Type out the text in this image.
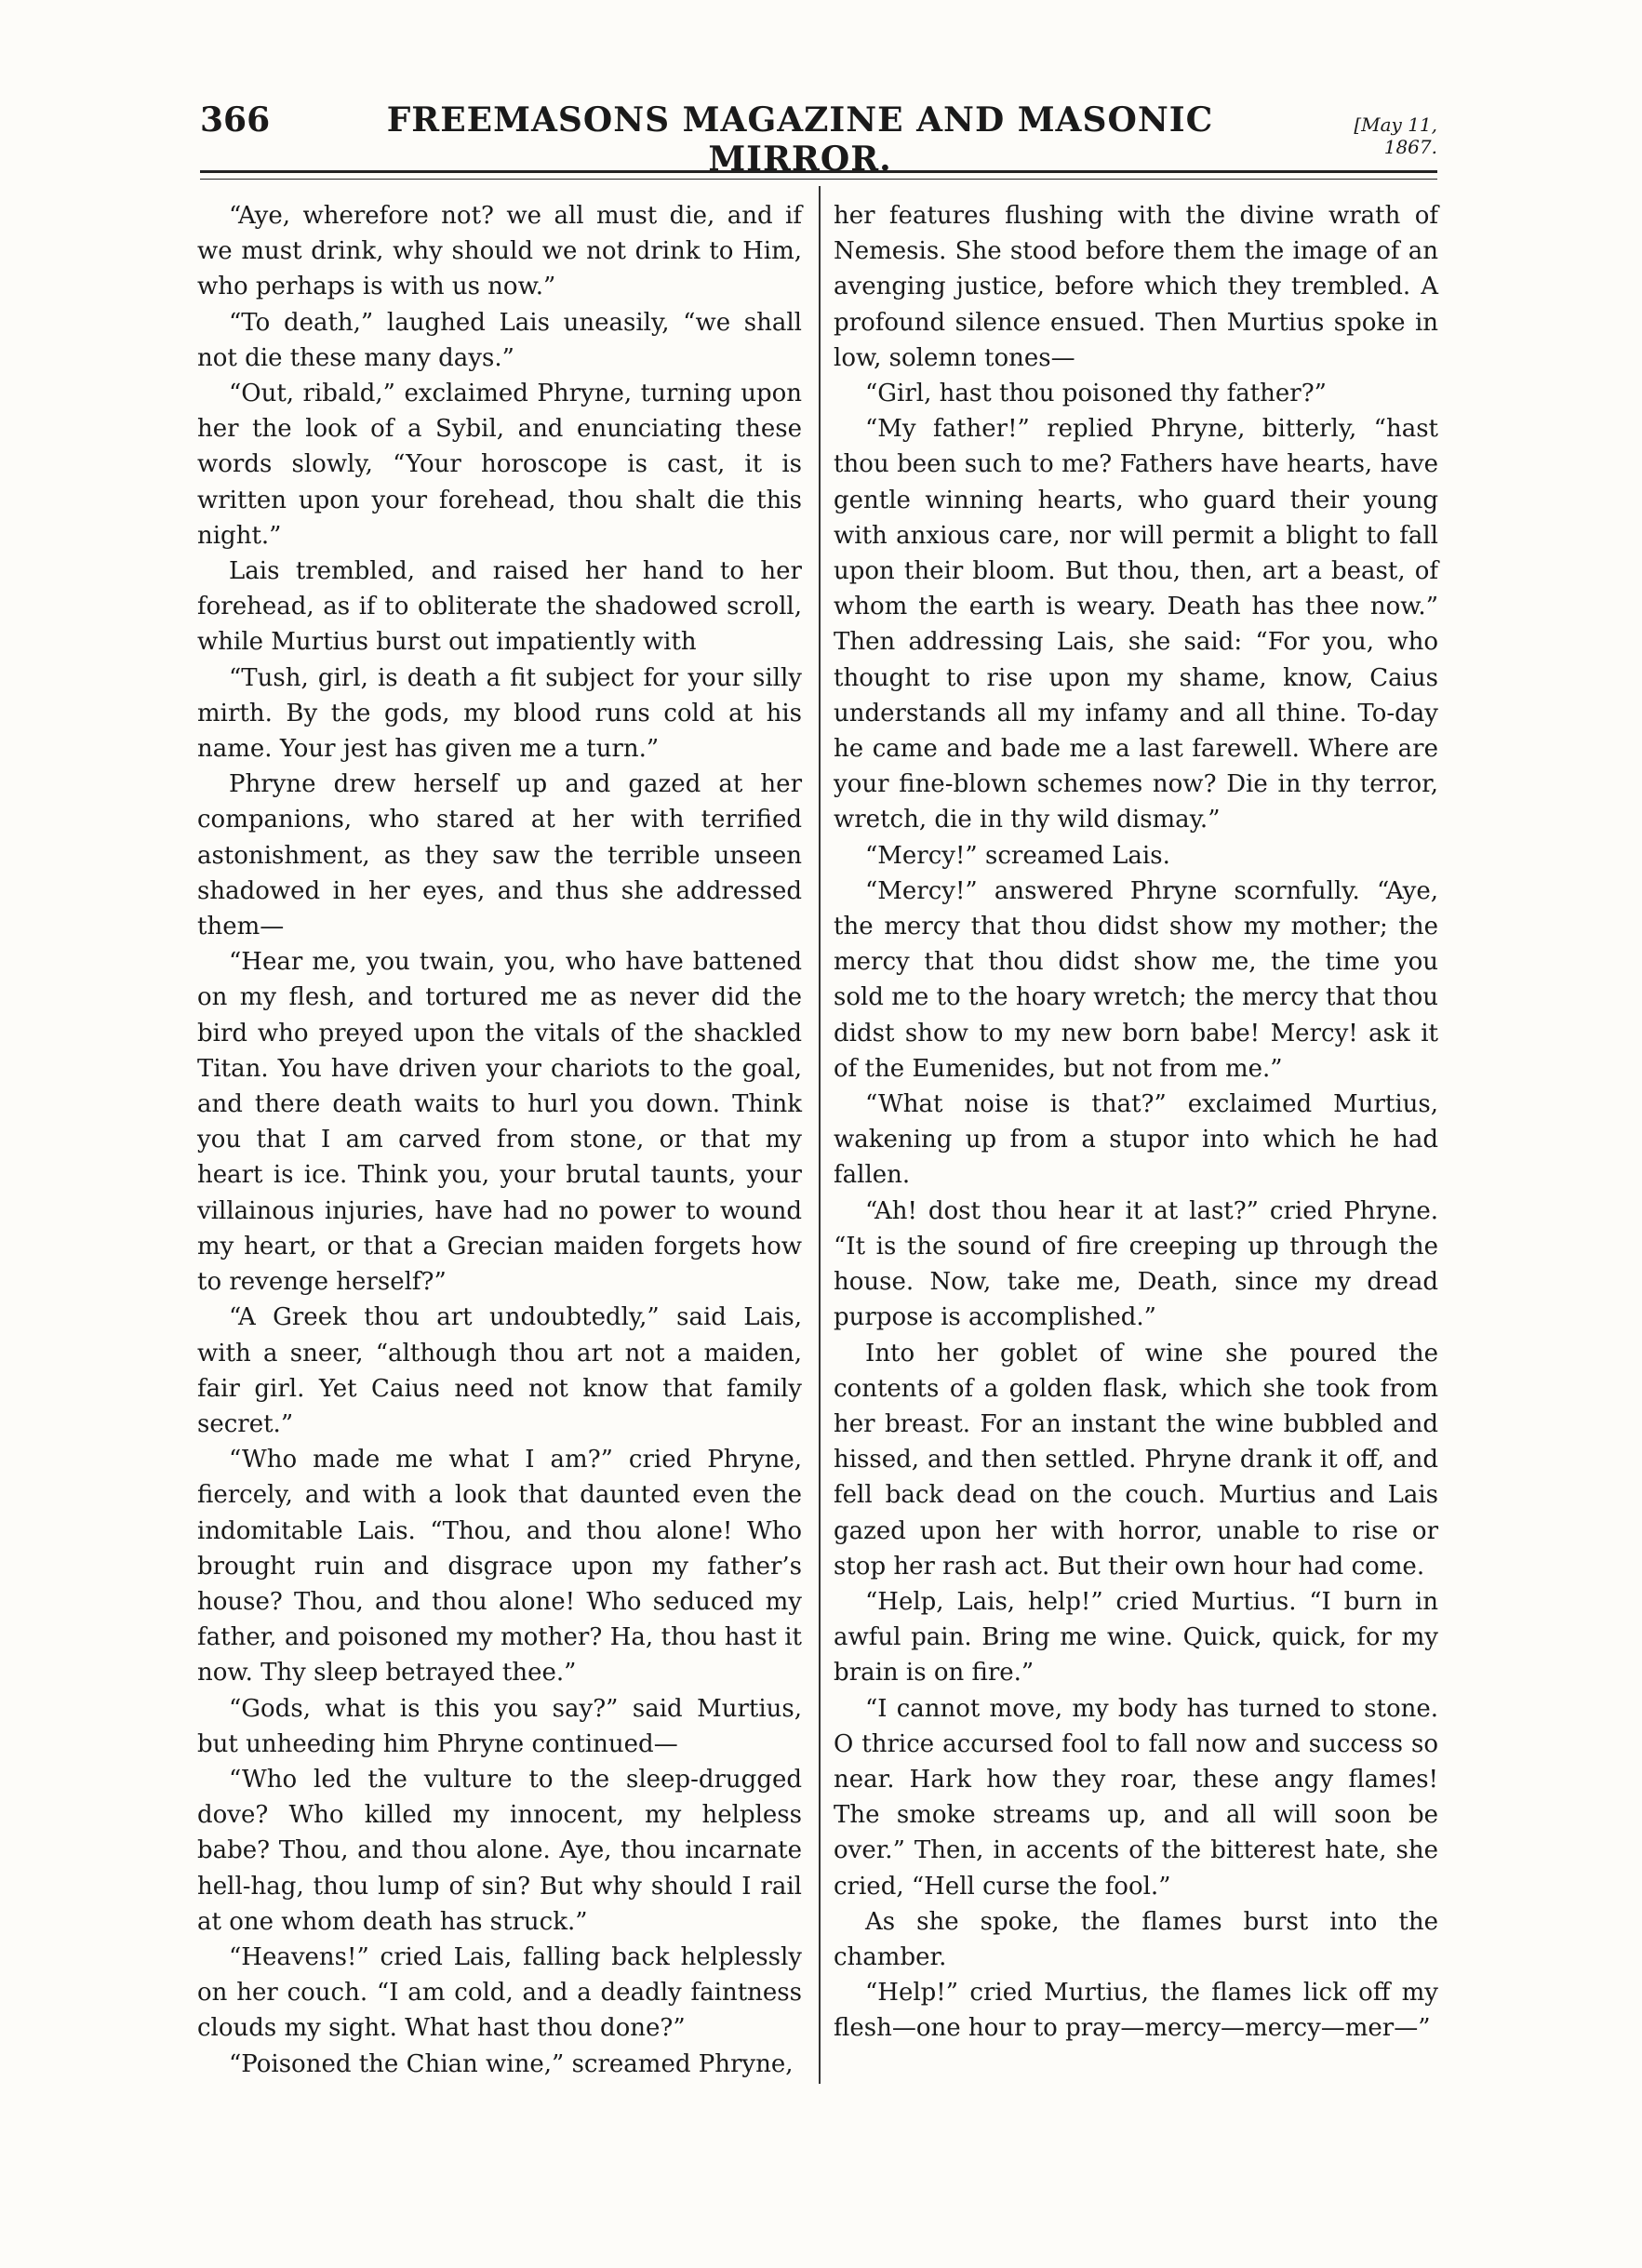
366	FREEMASONS MAGAZINE AND MASONIC MIRROR.
[May 11, 1867.

“Aye, wherefore not? we all must die, and if we must drink, why should we not drink to Him, who perhaps is with us now.”

“To death,” laughed Lais uneasily, “we shall not die these many days.”

“Out, ribald,” exclaimed Phryne, turning upon her the look of a Sybil, and enunciating these words slowly, “Your horoscope is cast, it is written upon your forehead, thou shalt die this night.”

Lais trembled, and raised her hand to her forehead, as if to obliterate the shadowed scroll, while Murtius burst out impatiently with

“Tush, girl, is death a fit subject for your silly mirth. By the gods, my blood runs cold at his name. Your jest has given me a turn.”

Phryne drew herself up and gazed at her companions, who stared at her with terrified astonishment, as they saw the terrible unseen shadowed in her eyes, and thus she addressed them—

“Hear me, you twain, you, who have battened on my flesh, and tortured me as never did the bird who preyed upon the vitals of the shackled Titan. You have driven your chariots to the goal, and there death waits to hurl you down. Think you that I am carved from stone, or that my heart is ice. Think you, your brutal taunts, your villainous injuries, have had no power to wound my heart, or that a Grecian maiden forgets how to revenge herself?”

“A Greek thou art undoubtedly,” said Lais, with a sneer, “although thou art not a maiden, fair girl. Yet Caius need not know that family secret.”

“Who made me what I am?” cried Phryne, fiercely, and with a look that daunted even the indomitable Lais. “Thou, and thou alone! Who brought ruin and disgrace upon my father’s house? Thou, and thou alone! Who seduced my father, and poisoned my mother? Ha, thou hast it now. Thy sleep betrayed thee.”

“Gods, what is this you say?” said Murtius, but unheeding him Phryne continued—

“Who led the vulture to the sleep-drugged dove? Who killed my innocent, my helpless babe? Thou, and thou alone. Aye, thou incarnate hell-hag, thou lump of sin? But why should I rail at one whom death has struck.”

“Heavens!” cried Lais, falling back helplessly on her couch. “I am cold, and a deadly faintness clouds my sight. What hast thou done?”

“Poisoned the Chian wine,” screamed Phryne,

her features flushing with the divine wrath of Nemesis. She stood before them the image of an avenging justice, before which they trembled. A profound silence ensued. Then Murtius spoke in low, solemn tones—

“Girl, hast thou poisoned thy father?”

“My father!” replied Phryne, bitterly, “hast thou been such to me? Fathers have hearts, have gentle winning hearts, who guard their young with anxious care, nor will permit a blight to fall upon their bloom. But thou, then, art a beast, of whom the earth is weary. Death has thee now.” Then addressing Lais, she said: “For you, who thought to rise upon my shame, know, Caius understands all my infamy and all thine. To-day he came and bade me a last farewell. Where are your fine-blown schemes now? Die in thy terror, wretch, die in thy wild dismay.”

“Mercy!” screamed Lais.

“Mercy!” answered Phryne scornfully. “Aye, the mercy that thou didst show my mother; the mercy that thou didst show me, the time you sold me to the hoary wretch; the mercy that thou didst show to my new born babe! Mercy! ask it of the Eumenides, but not from me.”

“What noise is that?” exclaimed Murtius, wakening up from a stupor into which he had fallen.

“Ah! dost thou hear it at last?” cried Phryne. “It is the sound of fire creeping up through the house. Now, take me, Death, since my dread purpose is accomplished.”

Into her goblet of wine she poured the contents of a golden flask, which she took from her breast. For an instant the wine bubbled and hissed, and then settled. Phryne drank it off, and fell back dead on the couch. Murtius and Lais gazed upon her with horror, unable to rise or stop her rash act. But their own hour had come.

“Help, Lais, help!” cried Murtius. “I burn in awful pain. Bring me wine. Quick, quick, for my brain is on fire.”

“I cannot move, my body has turned to stone. O thrice accursed fool to fall now and success so near. Hark how they roar, these angy flames! The smoke streams up, and all will soon be over.” Then, in accents of the bitterest hate, she cried, “Hell curse the fool.”

As she spoke, the flames burst into the chamber.

“Help!” cried Murtius, the flames lick off my flesh—one hour to pray—mercy—mercy—mer—”
